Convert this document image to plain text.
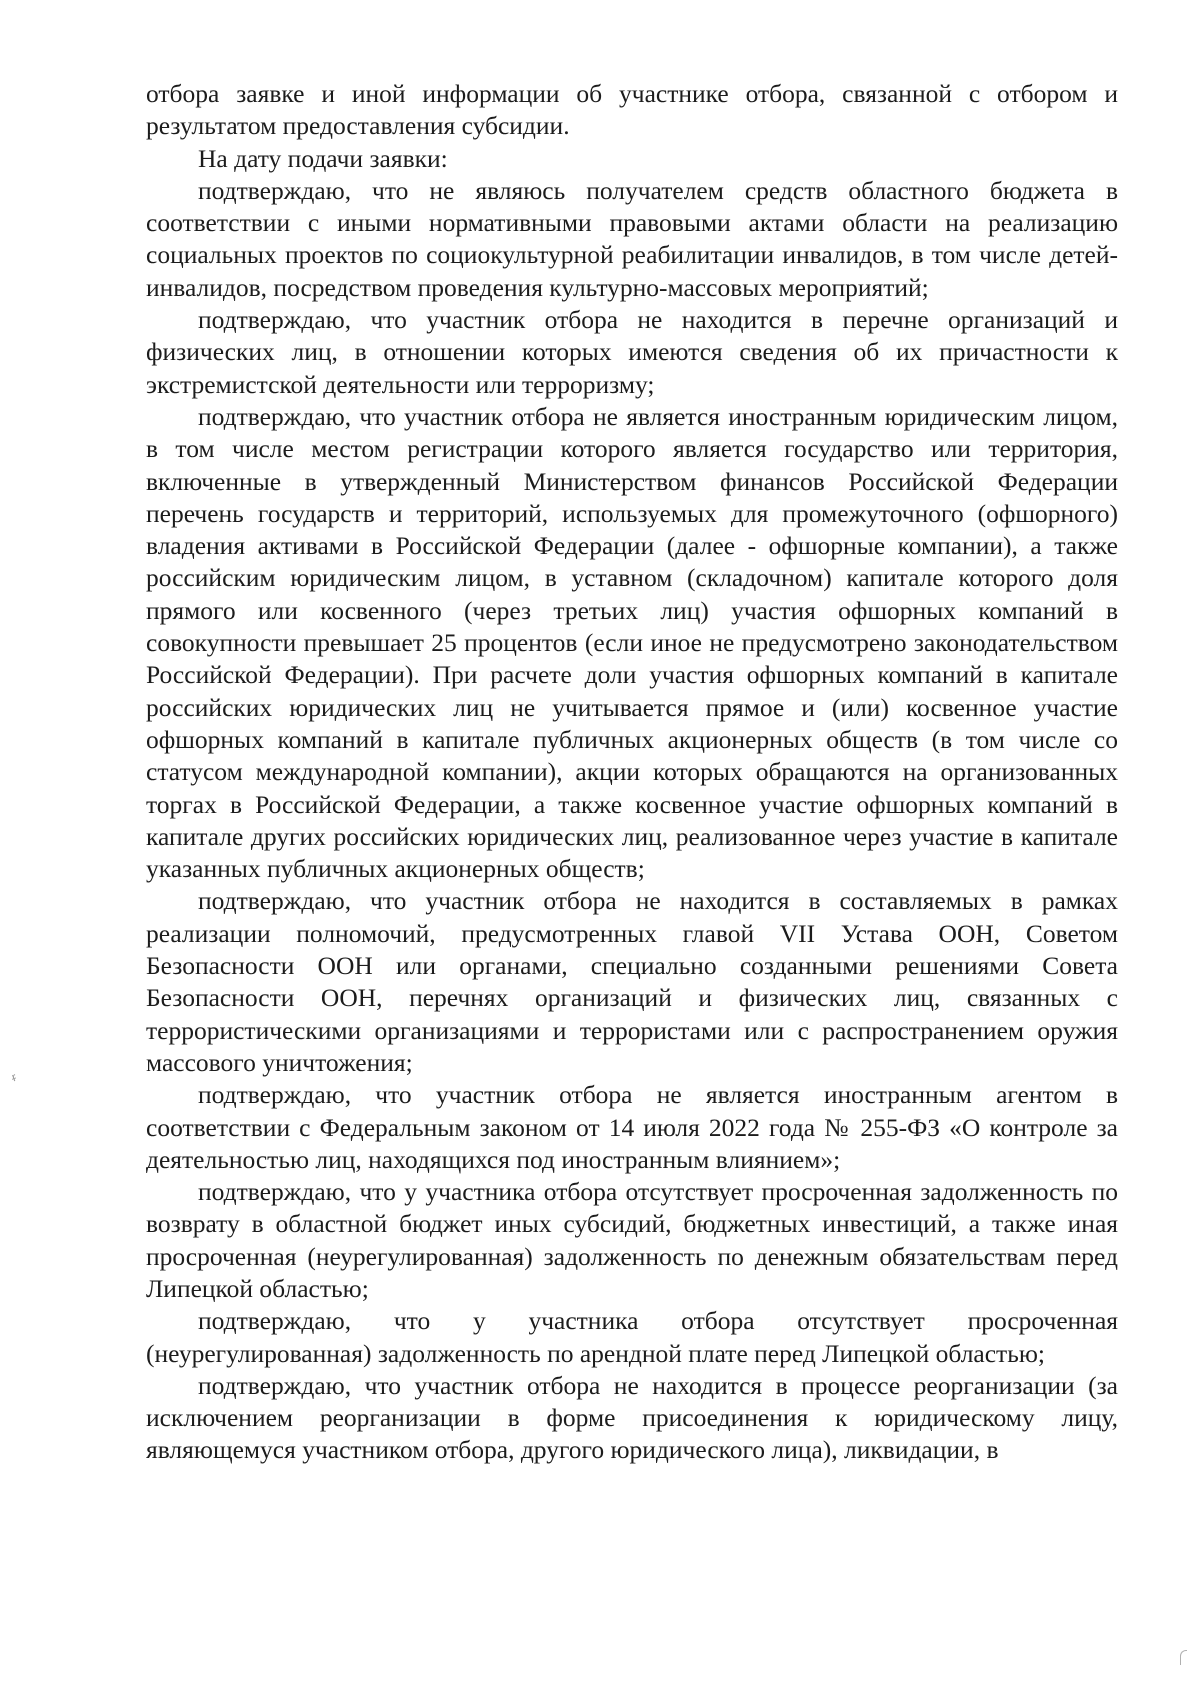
отбора заявке и иной информации об участнике отбора, связанной с отбором и результатом предоставления субсидии.

На дату подачи заявки:

подтверждаю, что не являюсь получателем средств областного бюджета в соответствии с иными нормативными правовыми актами области на реализацию социальных проектов по социокультурной реабилитации инвалидов, в том числе детей-инвалидов, посредством проведения культурно-массовых мероприятий;

подтверждаю, что участник отбора не находится в перечне организаций и физических лиц, в отношении которых имеются сведения об их причастности к экстремистской деятельности или терроризму;

подтверждаю, что участник отбора не является иностранным юридическим лицом, в том числе местом регистрации которого является государство или территория, включенные в утвержденный Министерством финансов Российской Федерации перечень государств и территорий, используемых для промежуточного (офшорного) владения активами в Российской Федерации (далее - офшорные компании), а также российским юридическим лицом, в уставном (складочном) капитале которого доля прямого или косвенного (через третьих лиц) участия офшорных компаний в совокупности превышает 25 процентов (если иное не предусмотрено законодательством Российской Федерации). При расчете доли участия офшорных компаний в капитале российских юридических лиц не учитывается прямое и (или) косвенное участие офшорных компаний в капитале публичных акционерных обществ (в том числе со статусом международной компании), акции которых обращаются на организованных торгах в Российской Федерации, а также косвенное участие офшорных компаний в капитале других российских юридических лиц, реализованное через участие в капитале указанных публичных акционерных обществ;

подтверждаю, что участник отбора не находится в составляемых в рамках реализации полномочий, предусмотренных главой VII Устава ООН, Советом Безопасности ООН или органами, специально созданными решениями Совета Безопасности ООН, перечнях организаций и физических лиц, связанных с террористическими организациями и террористами или с распространением оружия массового уничтожения;

подтверждаю, что участник отбора не является иностранным агентом в соответствии с Федеральным законом от 14 июля 2022 года № 255-ФЗ «О контроле за деятельностью лиц, находящихся под иностранным влиянием»;

подтверждаю, что у участника отбора отсутствует просроченная задолженность по возврату в областной бюджет иных субсидий, бюджетных инвестиций, а также иная просроченная (неурегулированная) задолженность по денежным обязательствам перед Липецкой областью;

подтверждаю, что у участника отбора отсутствует просроченная (неурегулированная) задолженность по арендной плате перед Липецкой областью;

подтверждаю, что участник отбора не находится в процессе реорганизации (за исключением реорганизации в форме присоединения к юридическому лицу, являющемуся участником отбора, другого юридического лица), ликвидации, в

ᵲ
